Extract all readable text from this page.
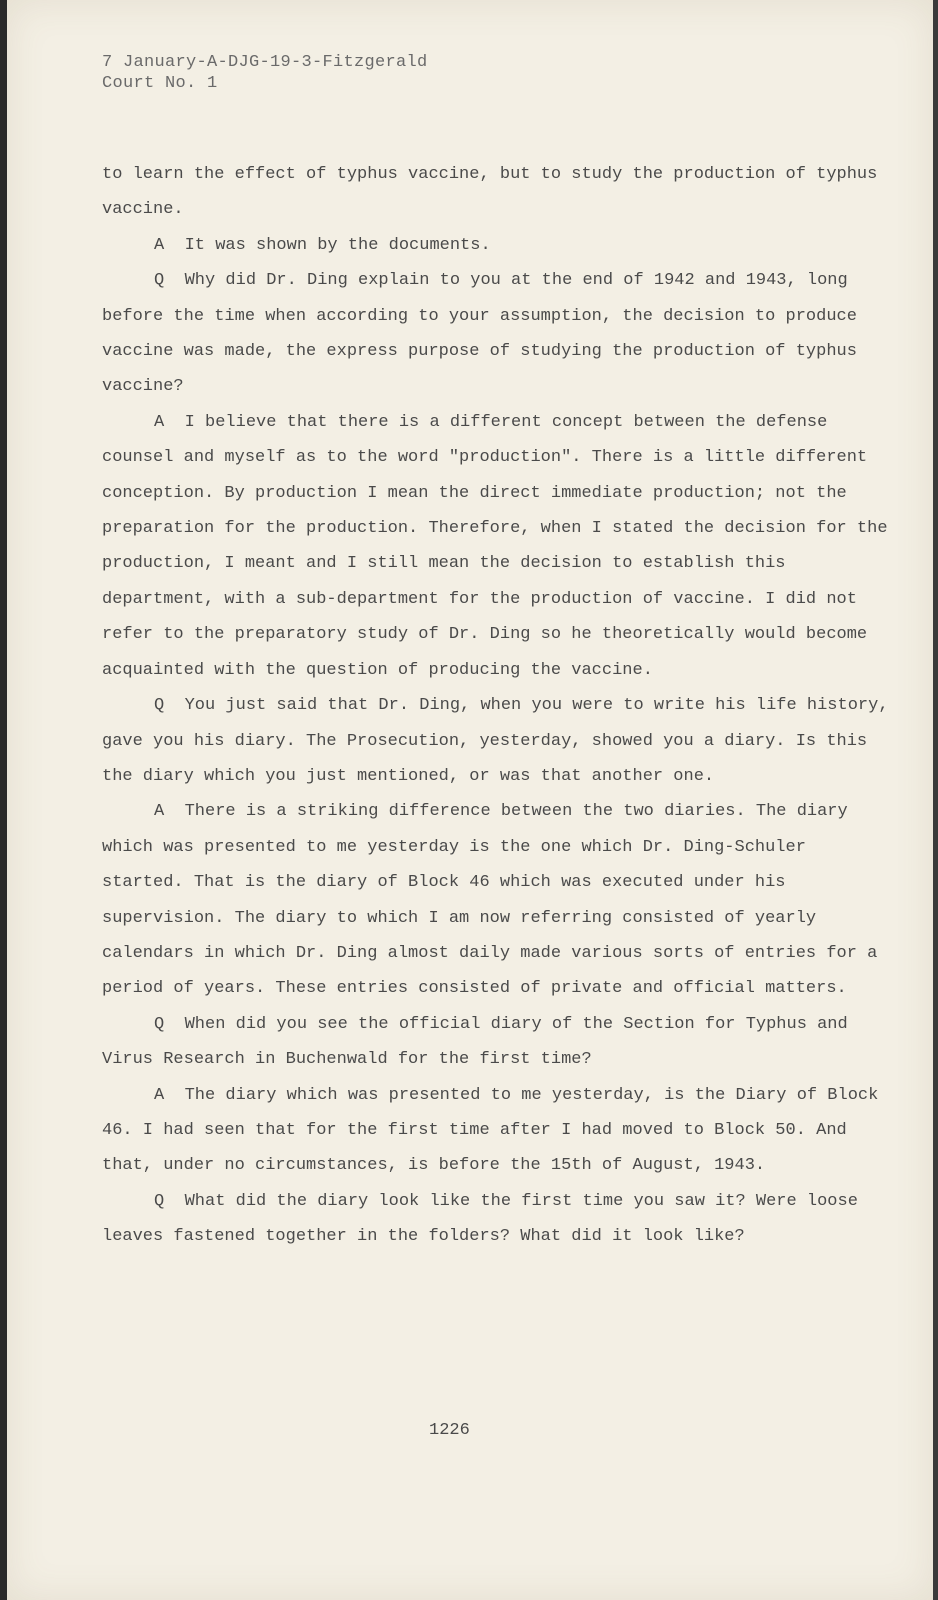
7 January-A-DJG-19-3-Fitzgerald
Court No. 1

to learn the effect of typhus vaccine, but to study the production of typhus vaccine.

A  It was shown by the documents.

Q  Why did Dr. Ding explain to you at the end of 1942 and 1943, long before the time when according to your assumption, the decision to produce vaccine was made, the express purpose of studying the production of typhus vaccine?

A  I believe that there is a different concept between the defense counsel and myself as to the word "production". There is a little different conception. By production I mean the direct immediate production; not the preparation for the production. Therefore, when I stated the decision for the production, I meant and I still mean the decision to establish this department, with a sub-department for the production of vaccine. I did not refer to the preparatory study of Dr. Ding so he theoretically would become acquainted with the question of producing the vaccine.

Q  You just said that Dr. Ding, when you were to write his life history, gave you his diary. The Prosecution, yesterday, showed you a diary. Is this the diary which you just mentioned, or was that another one.

A  There is a striking difference between the two diaries. The diary which was presented to me yesterday is the one which Dr. Ding-Schuler started. That is the diary of Block 46 which was executed under his supervision. The diary to which I am now referring consisted of yearly calendars in which Dr. Ding almost daily made various sorts of entries for a period of years. These entries consisted of private and official matters.

Q  When did you see the official diary of the Section for Typhus and Virus Research in Buchenwald for the first time?

A  The diary which was presented to me yesterday, is the Diary of Block 46. I had seen that for the first time after I had moved to Block 50. And that, under no circumstances, is before the 15th of August, 1943.

Q  What did the diary look like the first time you saw it? Were loose leaves fastened together in the folders? What did it look like?

1226
